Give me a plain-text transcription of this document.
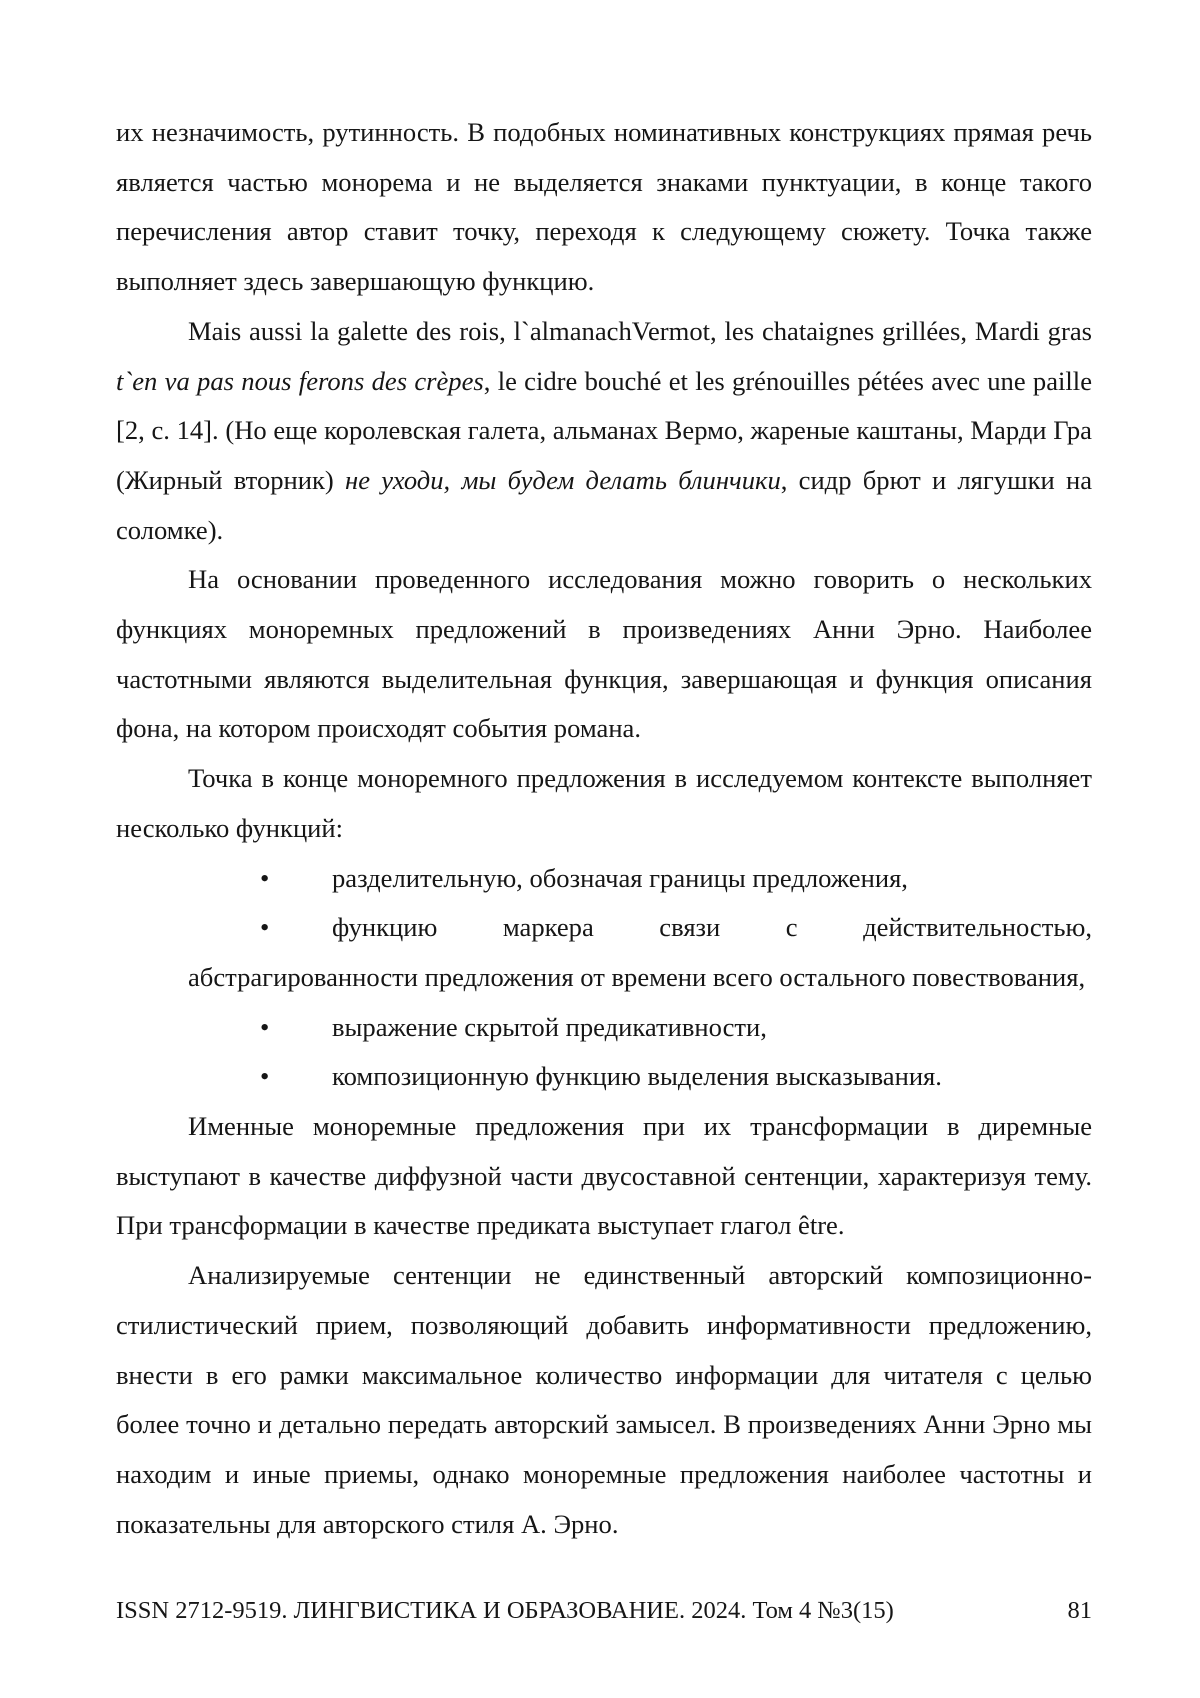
их незначимость, рутинность. В подобных номинативных конструкциях прямая речь является частью монорема и не выделяется знаками пунктуации, в конце такого перечисления автор ставит точку, переходя к следующему сюжету. Точка также выполняет здесь завершающую функцию.

Mais aussi la galette des rois, l`almanachVermot, les chataignes grillées, Mardi gras t`en va pas nous ferons des crèpes, le cidre bouché et les grénouilles pétées avec une paille [2, c. 14]. (Но еще королевская галета, альманах Вермо, жареные каштаны, Марди Гра (Жирный вторник) не уходи, мы будем делать блинчики, сидр брют и лягушки на соломке).

На основании проведенного исследования можно говорить о нескольких функциях моноремных предложений в произведениях Анни Эрно. Наиболее частотными являются выделительная функция, завершающая и функция описания фона, на котором происходят события романа.

Точка в конце моноремного предложения в исследуемом контексте выполняет несколько функций:

•	разделительную, обозначая границы предложения,
•	функцию маркера связи с действительностью, абстрагированности предложения от времени всего остального повествования,
•	выражение скрытой предикативности,
•	композиционную функцию выделения высказывания.

Именные моноремные предложения при их трансформации в диремные выступают в качестве диффузной части двусоставной сентенции, характеризуя тему. При трансформации в качестве предиката выступает глагол être.

Анализируемые сентенции не единственный авторский композиционно-стилистический прием, позволяющий добавить информативности предложению, внести в его рамки максимальное количество информации для читателя с целью более точно и детально передать авторский замысел. В произведениях Анни Эрно мы находим и иные приемы, однако моноремные предложения наиболее частотны и показательны для авторского стиля А. Эрно.

ISSN 2712-9519. ЛИНГВИСТИКА И ОБРАЗОВАНИЕ. 2024. Том 4 №3(15)	81
